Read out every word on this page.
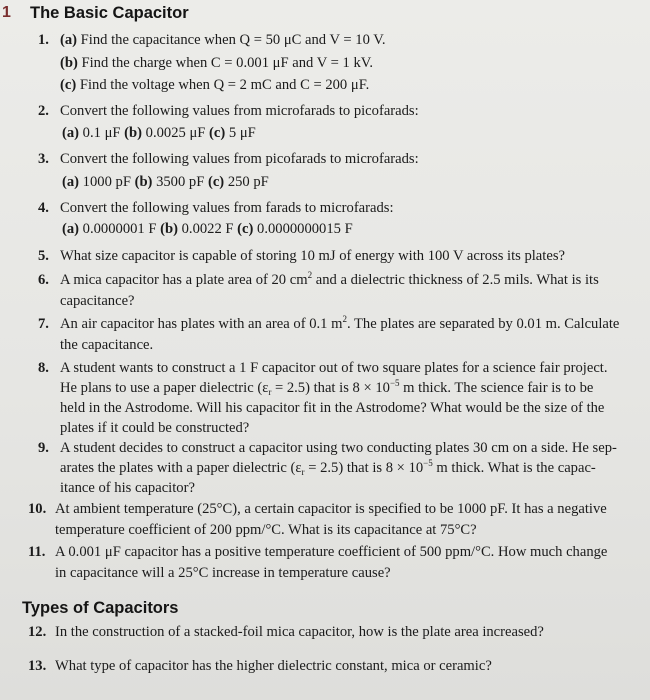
1 The Basic Capacitor
1. (a) Find the capacitance when Q = 50 μC and V = 10 V.
(b) Find the charge when C = 0.001 μF and V = 1 kV.
(c) Find the voltage when Q = 2 mC and C = 200 μF.
2. Convert the following values from microfarads to picofarads:
(a) 0.1 μF (b) 0.0025 μF (c) 5 μF
3. Convert the following values from picofarads to microfarads:
(a) 1000 pF (b) 3500 pF (c) 250 pF
4. Convert the following values from farads to microfarads:
(a) 0.0000001 F (b) 0.0022 F (c) 0.0000000015 F
5. What size capacitor is capable of storing 10 mJ of energy with 100 V across its plates?
6. A mica capacitor has a plate area of 20 $cm^2$ and a dielectric thickness of 2.5 mils. What is its
capacitance?
7. An air capacitor has plates with an area of 0.1 $m^2$. The plates are separated by 0.01 m. Calculate
the capacitance.
8. A student wants to construct a 1 F capacitor out of two square plates for a science fair project.
He plans to use a paper dielectric $(\varepsilon_r = 2.5)$ that is $8 \times 10^{-5}$ m thick. The science fair is to be
held in the Astrodome. Will his capacitor fit in the Astrodome? What would be the size of the
plates if it could be constructed?
9. A student decides to construct a capacitor using two conducting plates 30 cm on a side. He sep-
arates the plates with a paper dielectric $(\varepsilon_r = 2.5)$ that is $8 \times 10^{-5}$ m thick. What is the capac-
itance of his capacitor?
10. At ambient temperature (25°C), a certain capacitor is specified to be 1000 pF. It has a negative
temperature coefficient of 200 ppm/°C. What is its capacitance at 75°C?
11. A 0.001 μF capacitor has a positive temperature coefficient of 500 ppm/°C. How much change
in capacitance will a 25°C increase in temperature cause?
12. In the construction of a stacked-foil mica capacitor, how is the plate area increased?
13. What type of capacitor has the higher dielectric constant, mica or ceramic?
Types of Capacitors
